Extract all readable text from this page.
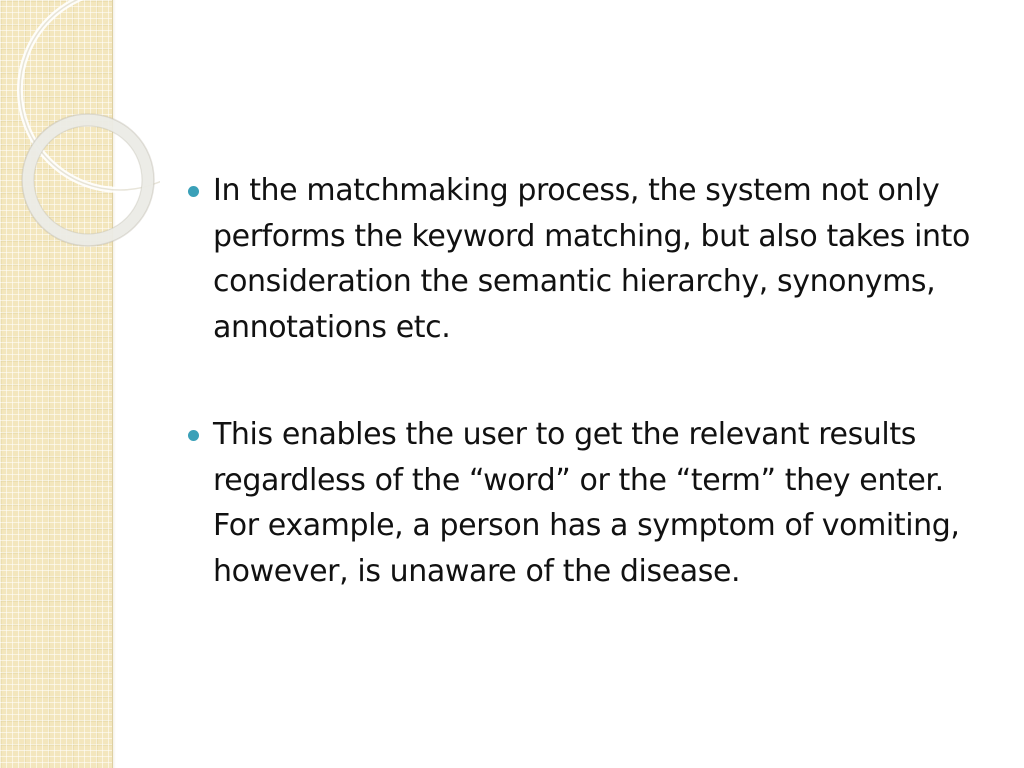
In the matchmaking process, the system not only performs the keyword matching, but also takes into consideration the semantic hierarchy, synonyms, annotations etc.
This enables the user to get the relevant results regardless of the “word” or the “term” they enter. For example, a person has a symptom of vomiting, however, is unaware of the disease.
